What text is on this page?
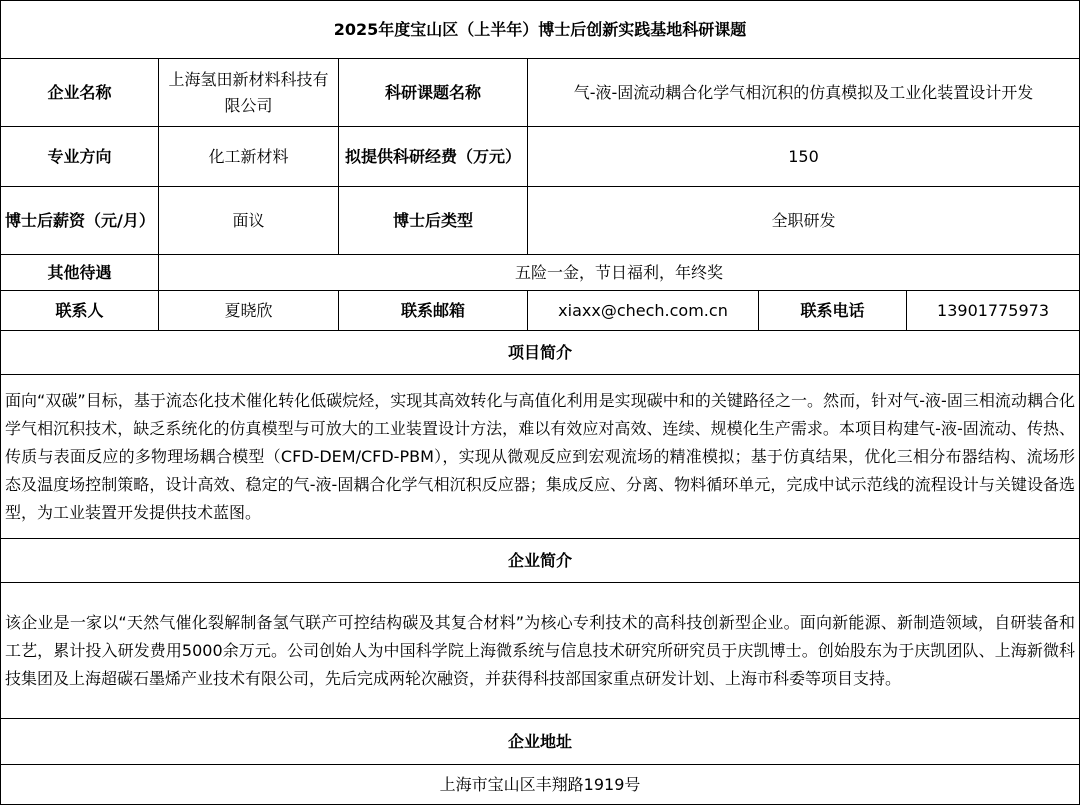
2025年度宝山区（上半年）博士后创新实践基地科研课题					
企业名称	上海氢田新材料科技有限公司	科研课题名称	气-液-固流动耦合化学气相沉积的仿真模拟及工业化装置设计开发		
专业方向	化工新材料	拟提供科研经费（万元）	150		
博士后薪资（元/月）	面议	博士后类型	全职研发		
其他待遇	五险一金，节日福利，年终奖				
联系人	夏晓欣	联系邮箱	xiaxx@chech.com.cn	联系电话	13901775973
项目简介					
面向“双碳”目标，基于流态化技术催化转化低碳烷烃，实现其高效转化与高值化利用是实现碳中和的关键路径之一。然而，针对气-液-固三相流动耦合化学气相沉积技术，缺乏系统化的仿真模型与可放大的工业装置设计方法，难以有效应对高效、连续、规模化生产需求。本项目构建气-液-固流动、传热、传质与表面反应的多物理场耦合模型（CFD-DEM/CFD-PBM），实现从微观反应到宏观流场的精准模拟；基于仿真结果，优化三相分布器结构、流场形态及温度场控制策略，设计高效、稳定的气-液-固耦合化学气相沉积反应器；集成反应、分离、物料循环单元，完成中试示范线的流程设计与关键设备选型，为工业装置开发提供技术蓝图。					
企业简介					
该企业是一家以“天然气催化裂解制备氢气联产可控结构碳及其复合材料”为核心专利技术的高科技创新型企业。面向新能源、新制造领域，自研装备和工艺，累计投入研发费用5000余万元。公司创始人为中国科学院上海微系统与信息技术研究所研究员于庆凯博士。创始股东为于庆凯团队、上海新微科技集团及上海超碳石墨烯产业技术有限公司，先后完成两轮次融资，并获得科技部国家重点研发计划、上海市科委等项目支持。					
企业地址					
上海市宝山区丰翔路1919号					
